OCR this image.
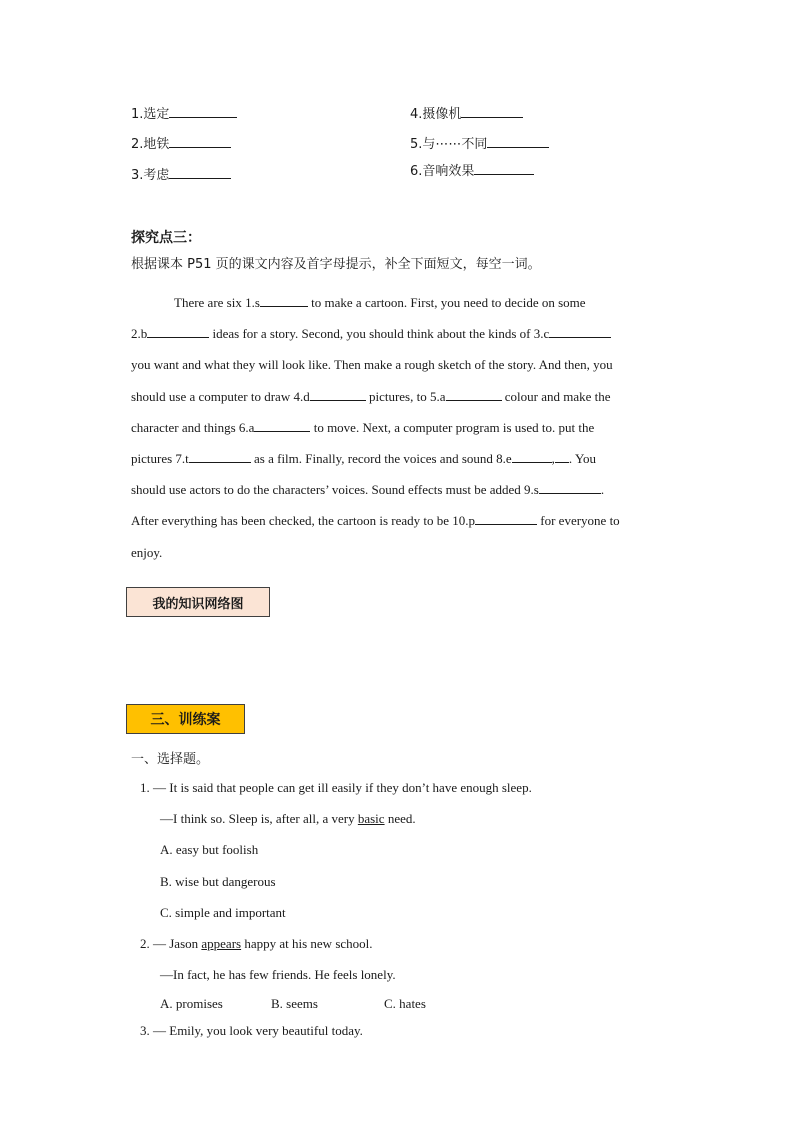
1.选定
2.地铁
3.考虑
4.摄像机
5.与⋯⋯不同
6.音响效果
探究点三：
根据课本 P51 页的课文内容及首字母提示，补全下面短文，每空一词。
There are six 1.s	to make a cartoon. First, you need to decide on some
2.b	ideas for a story. Second, you should think about the kinds of 3.c
you want and what they will look like. Then make a rough sketch of the story. And then, you
should use a computer to draw 4.d	pictures, to 5.a	colour and make the
character and things 6.a	to move. Next, a computer program is used to. put the
pictures 7.t	as a film. Finally, record the voices and sound 8.e	, . You
should use actors to do the characters’ voices. Sound effects must be added 9.s	.
After everything has been checked, the cartoon is ready to be 10.p	for everyone to
enjoy.
我的知识网络图
三、训练案
一、选择题。
1. — It is said that people can get ill easily if they don’t have enough sleep.
—I think so. Sleep is, after all, a very basic need.
A. easy but foolish
B. wise but dangerous
C. simple and important
2. — Jason appears happy at his new school.
—In fact, he has few friends. He feels lonely.
A. promises	B. seems	C. hates
3. — Emily, you look very beautiful today.
